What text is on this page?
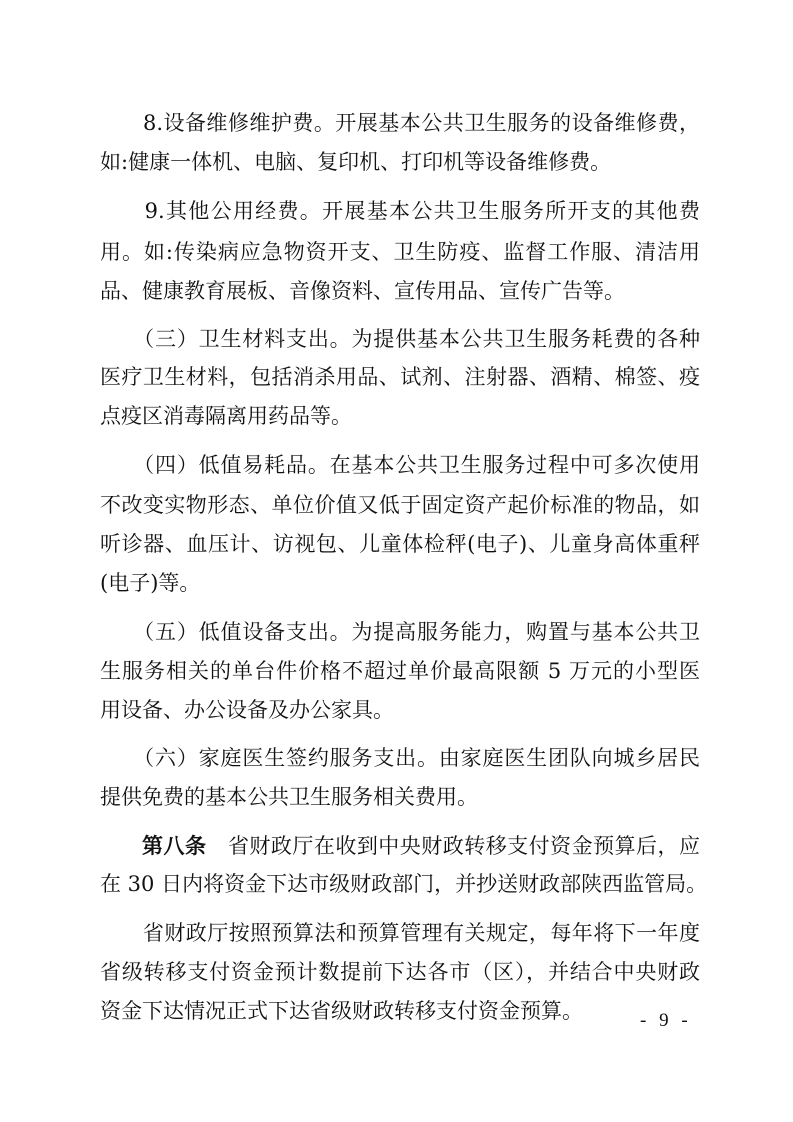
　　8.设备维修维护费。开展基本公共卫生服务的设备维修费，
如:健康一体机、电脑、复印机、打印机等设备维修费。
　　9.其他公用经费。开展基本公共卫生服务所开支的其他费
用。如:传染病应急物资开支、卫生防疫、监督工作服、清洁用
品、健康教育展板、音像资料、宣传用品、宣传广告等。
　　（三）卫生材料支出。为提供基本公共卫生服务耗费的各种
医疗卫生材料，包括消杀用品、试剂、注射器、酒精、棉签、疫
点疫区消毒隔离用药品等。
　　（四）低值易耗品。在基本公共卫生服务过程中可多次使用
不改变实物形态、单位价值又低于固定资产起价标准的物品，如
听诊器、血压计、访视包、儿童体检秤(电子)、儿童身高体重秤
(电子)等。
　　（五）低值设备支出。为提高服务能力，购置与基本公共卫
生服务相关的单台件价格不超过单价最高限额 5 万元的小型医
用设备、办公设备及办公家具。
　　（六）家庭医生签约服务支出。由家庭医生团队向城乡居民
提供免费的基本公共卫生服务相关费用。
第八条　 省财政厅在收到中央财政转移支付资金预算后，应
在 30 日内将资金下达市级财政部门，并抄送财政部陕西监管局。
　　省财政厅按照预算法和预算管理有关规定，每年将下一年度
省级转移支付资金预计数提前下达各市（区），并结合中央财政
资金下达情况正式下达省级财政转移支付资金预算。	- 9 -
